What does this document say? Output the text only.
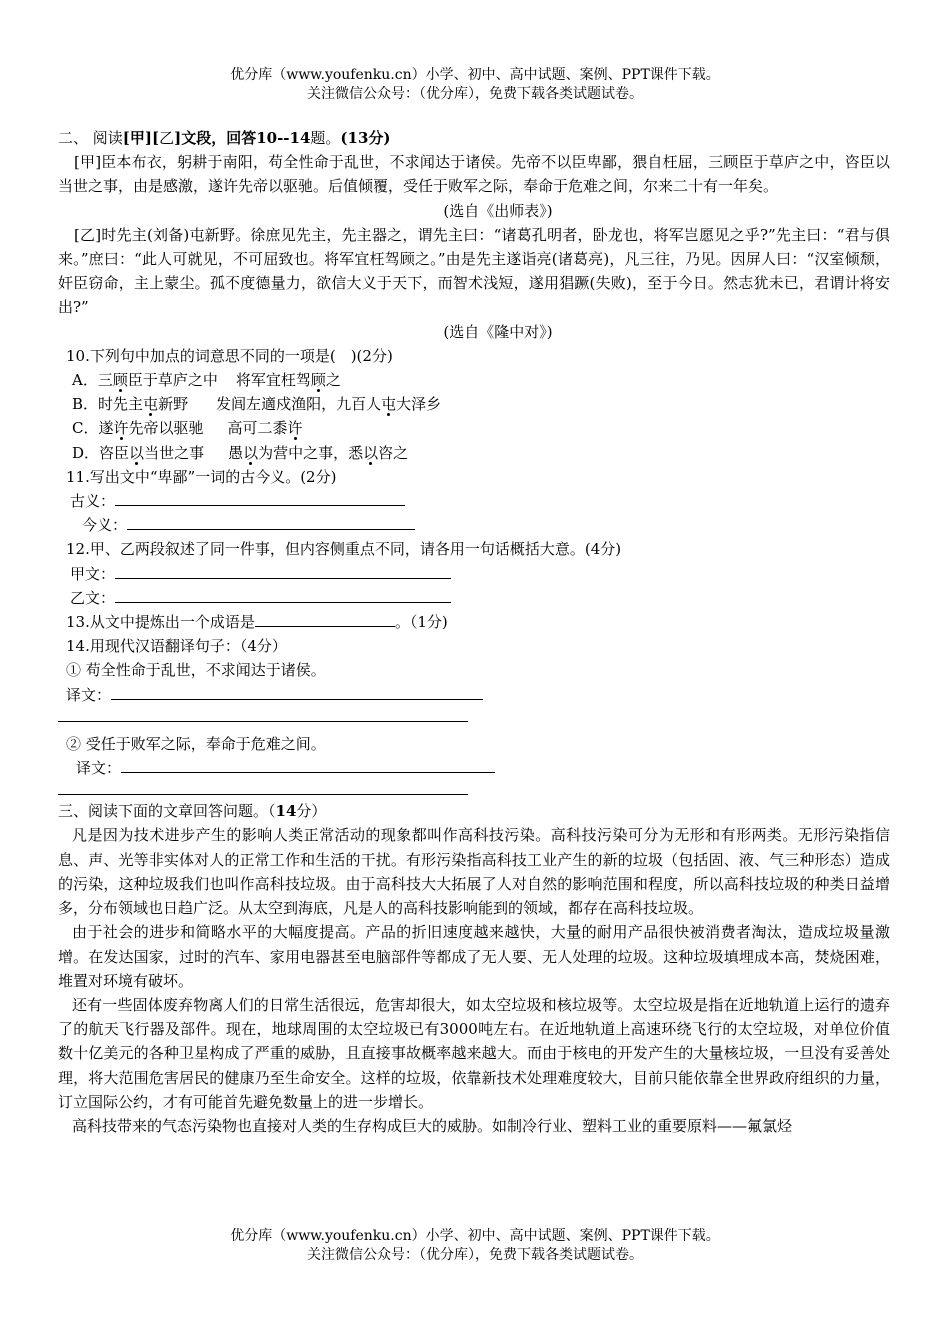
优分库（www.youfenku.cn）小学、初中、高中试题、案例、PPT课件下载。
关注微信公众号：（优分库），免费下载各类试题试卷。

二、 阅读[甲][乙]文段，回答10--14题。(13分)

[甲]臣本布衣，躬耕于南阳，苟全性命于乱世，不求闻达于诸侯。先帝不以臣卑鄙，猥自枉屈，三顾臣于草庐之中，咨臣以当世之事，由是感激，遂许先帝以驱驰。后值倾覆，受任于败军之际，奉命于危难之间，尔来二十有一年矣。

(选自《出师表》)

[乙]时先主(刘备)屯新野。徐庶见先主，先主器之，谓先主曰：“诸葛孔明者，卧龙也，将军岂愿见之乎?”先主曰：“君与俱来。”庶曰：“此人可就见，不可屈致也。将军宜枉驾顾之。”由是先主遂诣亮(诸葛亮)，凡三往，乃见。因屏人曰：“汉室倾颓，奸臣窃命，主上蒙尘。孤不度德量力，欲信大义于天下，而智术浅短，遂用猖蹶(失败)，至于今日。然志犹未已，君谓计将安出?”

(选自《隆中对》)

10.下列句中加点的词意思不同的一项是(　)(2分)

A．三顾臣于草庐之中 将军宜枉驾顾之
B．时先主屯新野 发闾左適戍渔阳，九百人屯大泽乡
C．遂许先帝以驱驰 高可二黍许
D．咨臣以当世之事 愚以为营中之事，悉以咨之

11.写出文中“卑鄙”一词的古今义。(2分)

古义：
今义：

12.甲、乙两段叙述了同一件事，但内容侧重点不同，请各用一句话概括大意。(4分)

甲文：
乙文：
13.从文中提炼出一个成语是	。（1分)

14.用现代汉语翻译句子：（4分）

① 苟全性命于乱世，不求闻达于诸侯。

译文：

② 受任于败军之际，奉命于危难之间。

译文：

三、阅读下面的文章回答问题。（14分）

凡是因为技术进步产生的影响人类正常活动的现象都叫作高科技污染。高科技污染可分为无形和有形两类。无形污染指信息、声、光等非实体对人的正常工作和生活的干扰。有形污染指高科技工业产生的新的垃圾（包括固、液、气三种形态）造成的污染，这种垃圾我们也叫作高科技垃圾。由于高科技大大拓展了人对自然的影响范围和程度，所以高科技垃圾的种类日益增多，分布领域也日趋广泛。从太空到海底，凡是人的高科技影响能到的领域，都存在高科技垃圾。

由于社会的进步和简略水平的大幅度提高。产品的折旧速度越来越快，大量的耐用产品很快被消费者淘汰，造成垃圾量激增。在发达国家，过时的汽车、家用电器甚至电脑部件等都成了无人要、无人处理的垃圾。这种垃圾填埋成本高，焚烧困难，堆置对环境有破坏。

还有一些固体废弃物离人们的日常生活很远，危害却很大，如太空垃圾和核垃圾等。太空垃圾是指在近地轨道上运行的遗弃了的航天飞行器及部件。现在，地球周围的太空垃圾已有3000吨左右。在近地轨道上高速环绕飞行的太空垃圾，对单位价值数十亿美元的各种卫星构成了严重的威胁，且直接事故概率越来越大。而由于核电的开发产生的大量核垃圾，一旦没有妥善处理，将大范围危害居民的健康乃至生命安全。这样的垃圾，依靠新技术处理难度较大，目前只能依靠全世界政府组织的力量，订立国际公约，才有可能首先避免数量上的进一步增长。

高科技带来的气态污染物也直接对人类的生存构成巨大的威胁。如制冷行业、塑料工业的重要原料——氟氯烃

优分库（www.youfenku.cn）小学、初中、高中试题、案例、PPT课件下载。
关注微信公众号：（优分库），免费下载各类试题试卷。
